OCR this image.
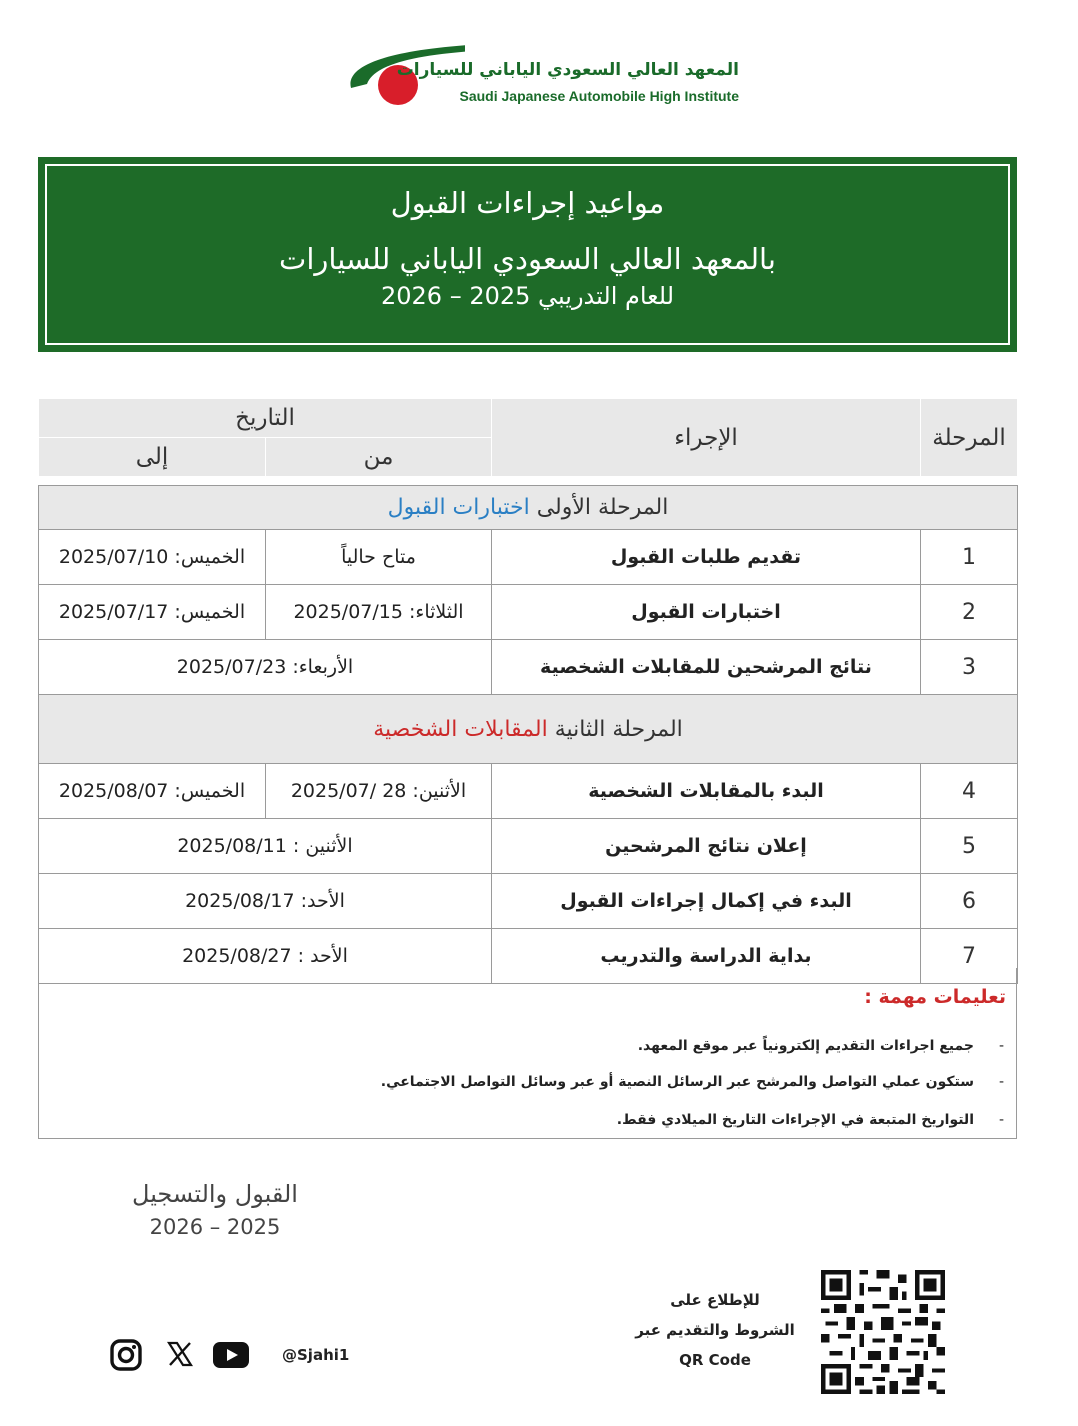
المعهد العالي السعودي الياباني للسيارات
Saudi Japanese Automobile High Institute
مواعيد إجراءات القبول
بالمعهد العالي السعودي الياباني للسيارات
للعام التدريبي 2025 – 2026
المرحلة	الإجراء	التاريخ	
		من	إلى
المرحلة الأولى اختبارات القبول			
1	تقديم طلبات القبول	متاح حالياً	الخميس: 2025/07/10
2	اختبارات القبول	الثلاثاء: 2025/07/15	الخميس: 2025/07/17
3	نتائج المرشحين للمقابلات الشخصية	الأربعاء: 2025/07/23	
المرحلة الثانية المقابلات الشخصية			
4	البدء بالمقابلات الشخصية	الأثنين: 28 /2025/07	الخميس: 2025/08/07
5	إعلان نتائج المرشحين	الأثنين : 2025/08/11	
6	البدء في إكمال إجراءات القبول	الأحد: 2025/08/17	
7	بداية الدراسة والتدريب	الأحد : 2025/08/27	
تعليمات مهمة :
-
جميع اجراءات التقديم إلكترونياً عبر موقع المعهد.
-
ستكون عملي التواصل والمرشح عبر الرسائل النصية أو عبر وسائل التواصل الاجتماعي.
-
التواريخ المتبعة في الإجراءات التاريخ الميلادي فقط.
القبول والتسجيل
2026 – 2025
@Sjahi1
للإطلاع على
الشروط والتقديم عبر
QR Code
